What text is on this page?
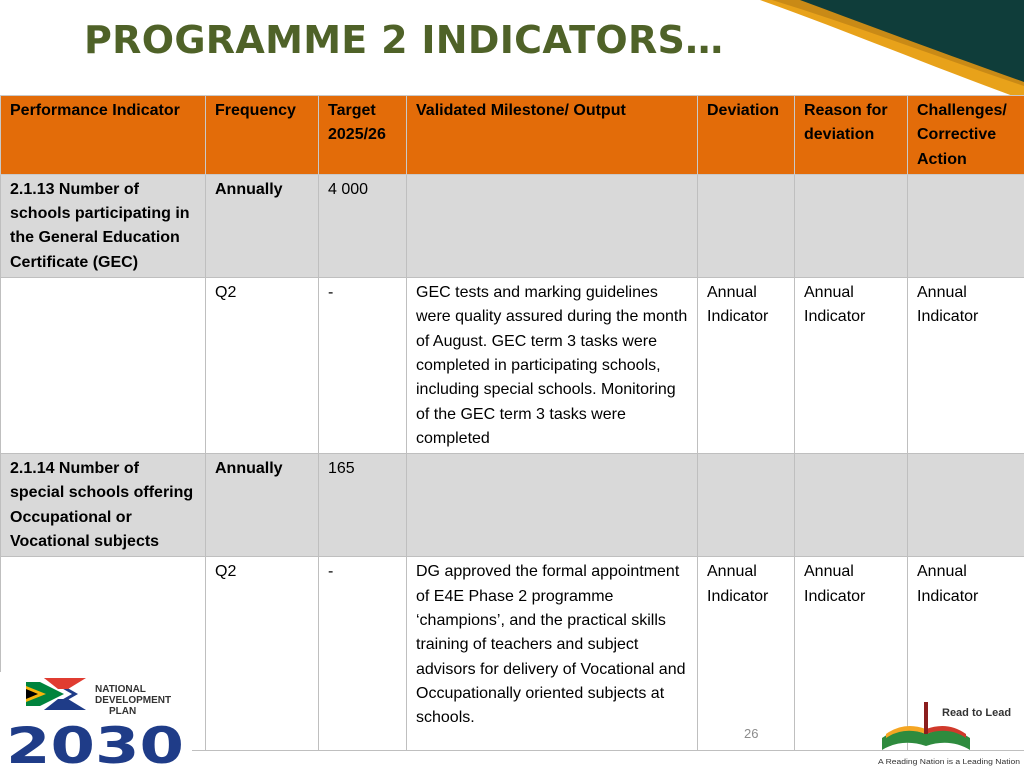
PROGRAMME 2 INDICATORS…
Performance Indicator	Frequency	Target 2025/26	Validated Milestone/ Output	Deviation	Reason for deviation	Challenges/ Corrective Action
2.1.13 Number of schools participating in the General Education Certificate (GEC)	Annually	4 000				
	Q2	-	GEC tests and marking guidelines were quality assured during the month of August. GEC term 3 tasks were completed in participating schools, including special schools. Monitoring of the GEC term 3 tasks were completed	Annual Indicator	Annual Indicator	Annual Indicator
2.1.14 Number of special schools offering Occupational or Vocational subjects	Annually	165				
	Q2	-	DG approved the formal appointment of E4E Phase 2 programme ‘champions’, and the practical skills training of teachers and subject advisors for delivery of Vocational and Occupationally oriented subjects at schools.	Annual Indicator	Annual Indicator	Annual Indicator
26
NATIONAL
DEVELOPMENT
PLAN
2030
Read to Lead
A Reading Nation is a Leading Nation
